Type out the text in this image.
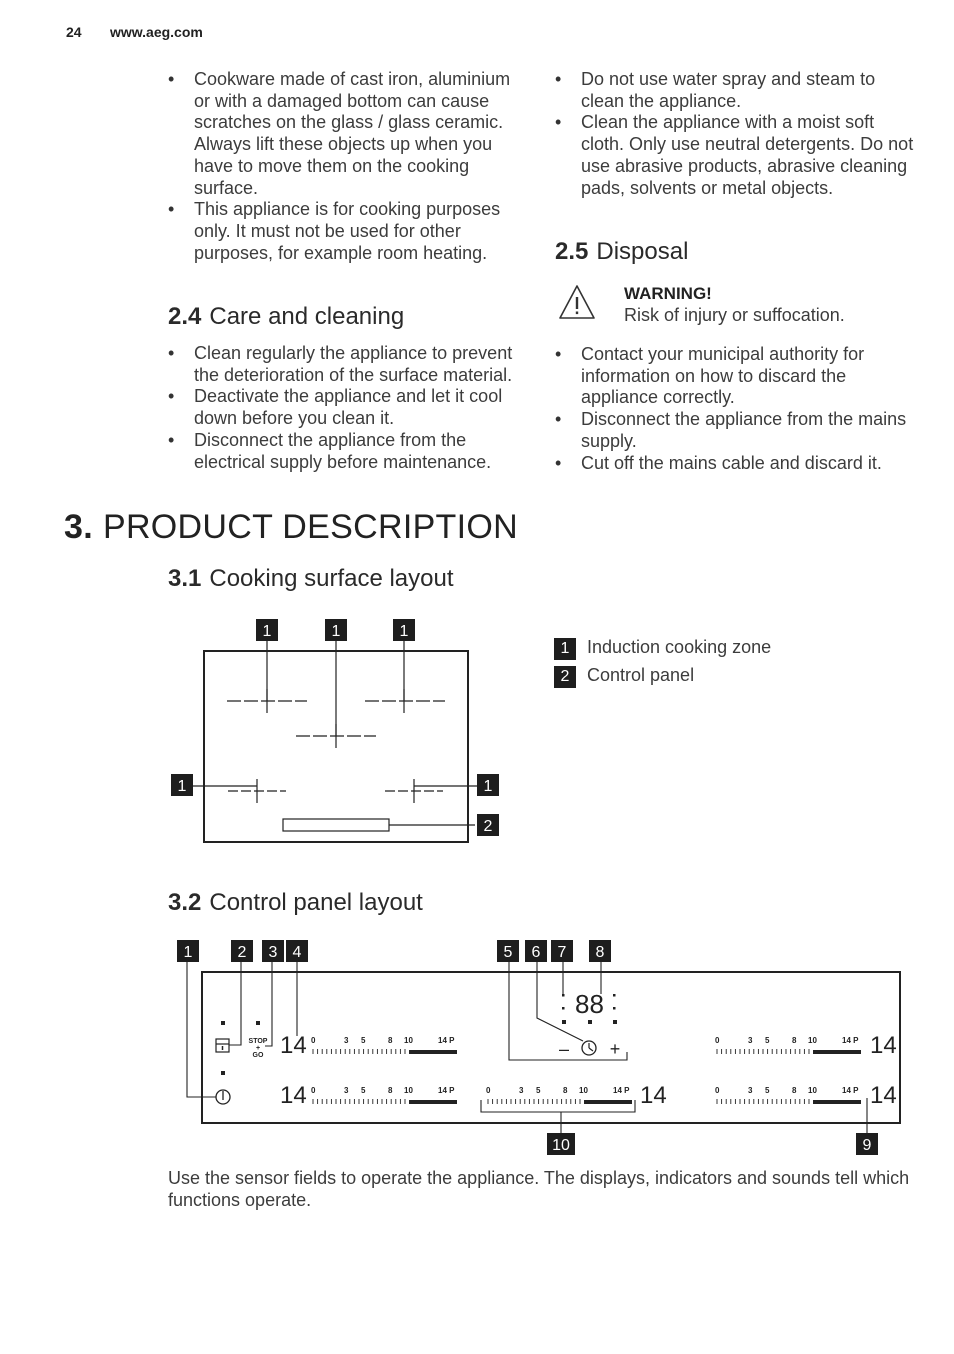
24 www.aeg.com
• Cookware made of cast iron, aluminium or with a damaged bottom can cause scratches on the glass / glass ceramic. Always lift these objects up when you have to move them on the cooking surface.
• This appliance is for cooking purposes only. It must not be used for other purposes, for example room heating.
2.4 Care and cleaning
• Clean regularly the appliance to prevent the deterioration of the surface material.
• Deactivate the appliance and let it cool down before you clean it.
• Disconnect the appliance from the electrical supply before maintenance.
• Do not use water spray and steam to clean the appliance.
• Clean the appliance with a moist soft cloth. Only use neutral detergents. Do not use abrasive products, abrasive cleaning pads, solvents or metal objects.
2.5 Disposal
WARNING!
Risk of injury or suffocation.
• Contact your municipal authority for information on how to discard the appliance correctly.
• Disconnect the appliance from the mains supply.
• Cut off the mains cable and discard it.
3. PRODUCT DESCRIPTION
3.1 Cooking surface layout
1	1	1
1	1
2
1 Induction cooking zone
2 Control panel
3.2 Control panel layout
STOP
+
GO
88
– +
0	3 5	8 10	14 P
14
0	3 5	8 10	14 P
14	0	3 5	8 10	14 P 14
0	3 5	8 10	14 P 14
0	3 5	8 10	14 P 14
1	2 3 4	5 6 7 8
9
10
Use the sensor fields to operate the appliance. The displays, indicators and sounds tell which functions operate.
